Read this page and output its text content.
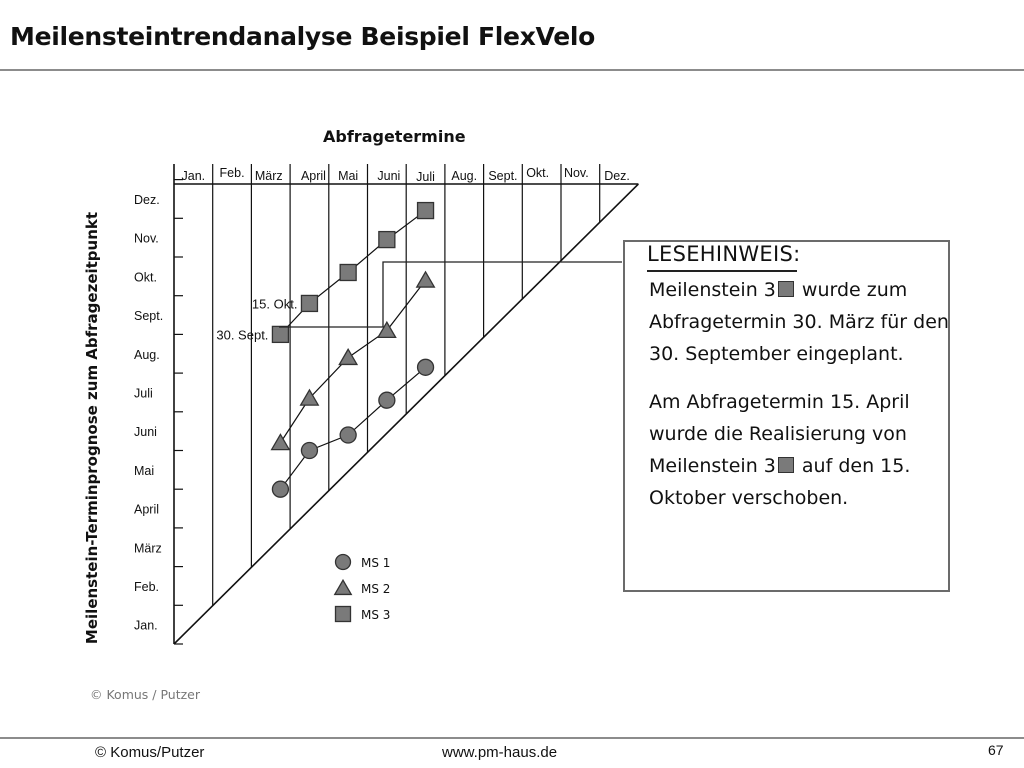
Meilensteintrendanalyse Beispiel FlexVelo
Abfragetermine
Meilenstein-Terminprognose zum Abfragezeitpunkt
Jan. Feb. März April Mai Juni Juli Aug. Sept. Okt. Nov. Dez.
Jan.
Feb.
März
April
Mai
Juni
Juli
Aug.
Sept.
Okt.
Nov.
Dez.
15. Okt.
30. Sept.
MS 1
MS 2
MS 3
© Komus / Putzer
LESEHINWEIS:

Meilenstein 3 wurde zum Abfragetermin 30. März für den 30. September eingeplant.

Am Abfragetermin 15. April wurde die Realisierung von Meilenstein 3 auf den 15. Oktober verschoben.

© Komus/Putzer	www.pm-haus.de	67
